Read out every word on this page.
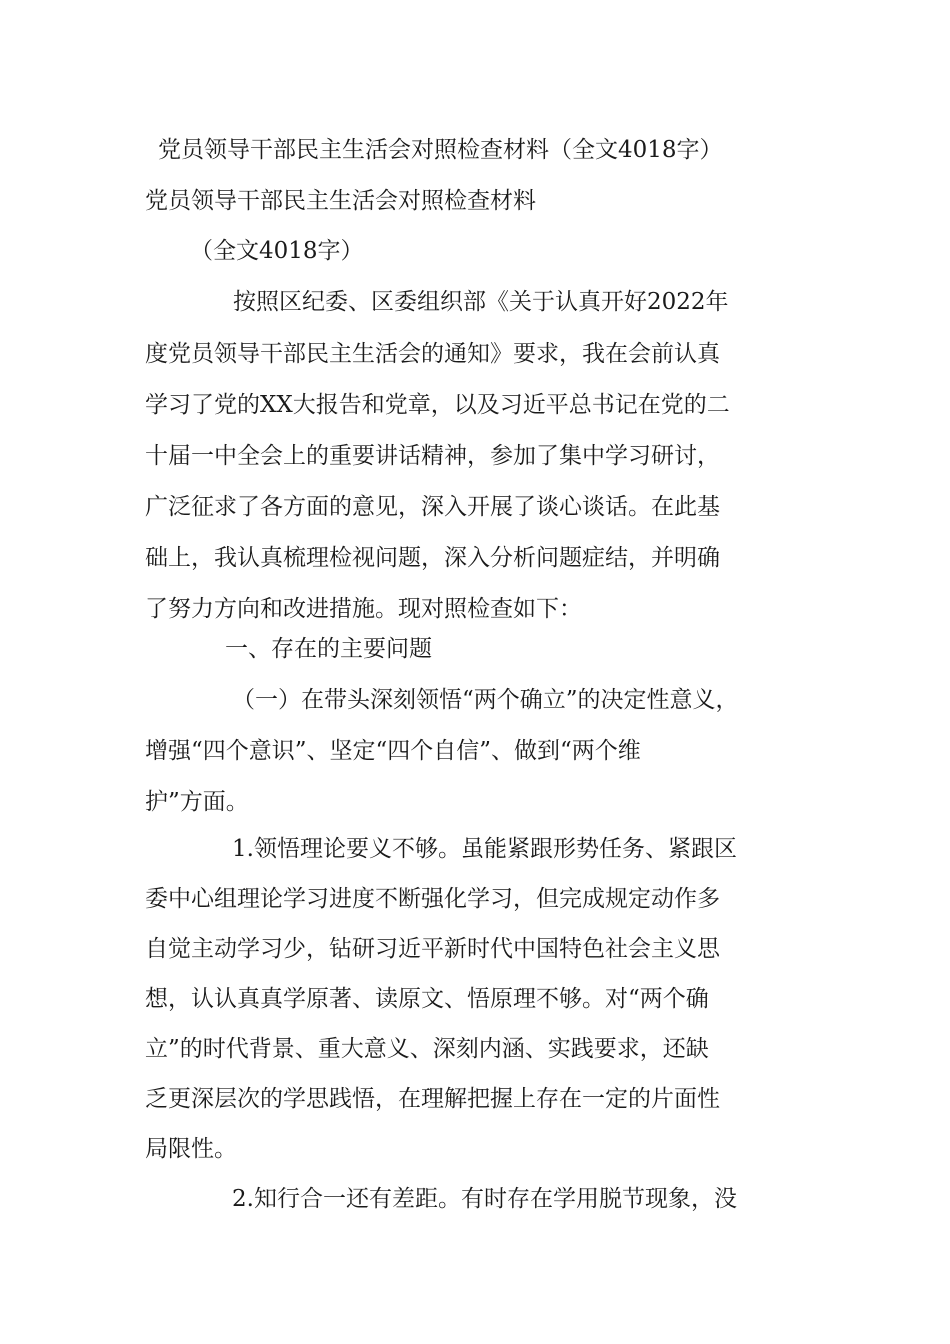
党员领导干部民主生活会对照检查材料（全文4018字）
党员领导干部民主生活会对照检查材料
（全文4018字）
按照区纪委、区委组织部《关于认真开好2022年
度党员领导干部民主生活会的通知》要求，我在会前认真
学习了党的XX大报告和党章，以及习近平总书记在党的二
十届一中全会上的重要讲话精神，参加了集中学习研讨，
广泛征求了各方面的意见，深入开展了谈心谈话。在此基
础上，我认真梳理检视问题，深入分析问题症结，并明确
了努力方向和改进措施。现对照检查如下：
一、存在的主要问题
（一）在带头深刻领悟“两个确立”的决定性意义，
增强“四个意识”、坚定“四个自信”、做到“两个维
护”方面。
1.领悟理论要义不够。虽能紧跟形势任务、紧跟区
委中心组理论学习进度不断强化学习，但完成规定动作多
自觉主动学习少，钻研习近平新时代中国特色社会主义思
想，认认真真学原著、读原文、悟原理不够。对“两个确
立”的时代背景、重大意义、深刻内涵、实践要求，还缺
乏更深层次的学思践悟，在理解把握上存在一定的片面性
局限性。
2.知行合一还有差距。有时存在学用脱节现象，没
